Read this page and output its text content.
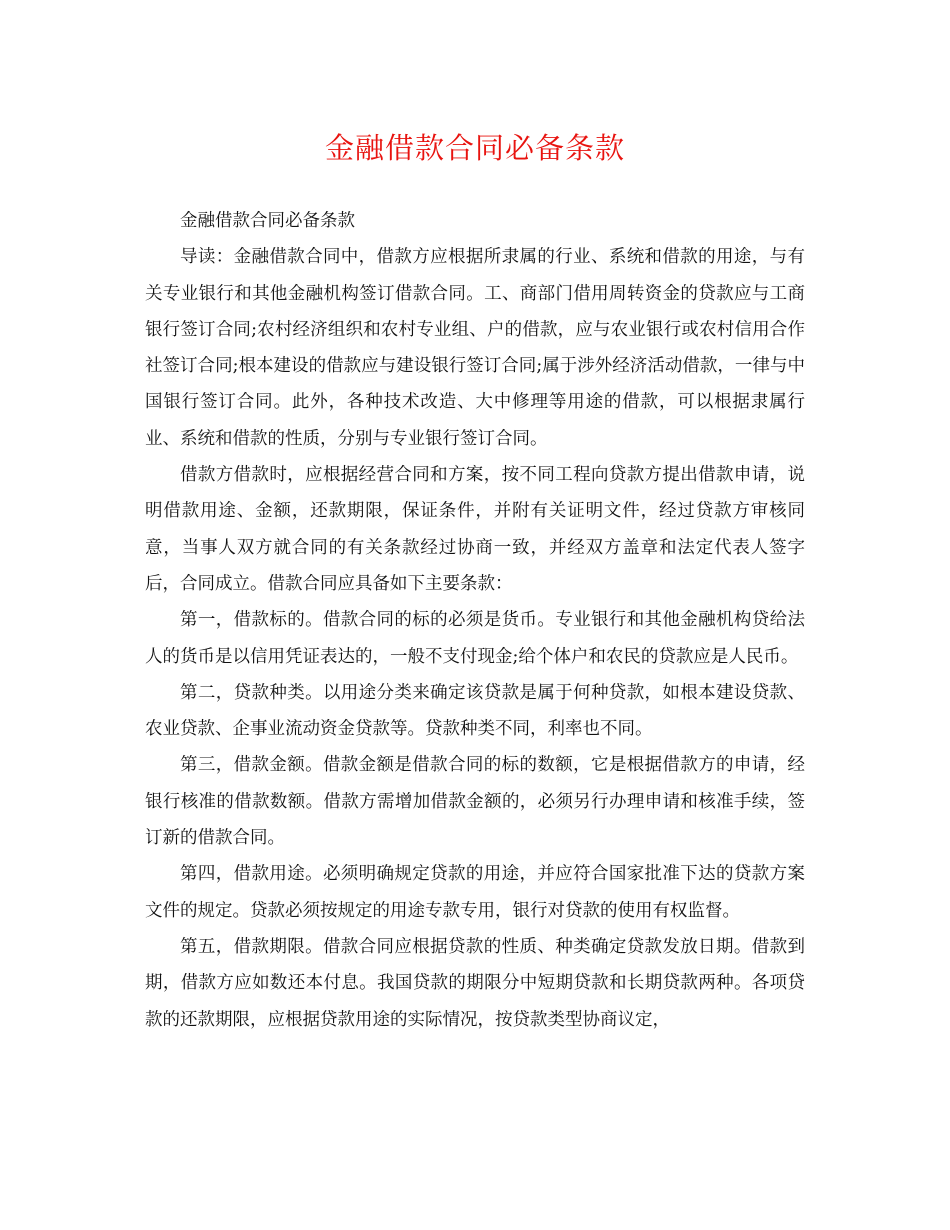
金融借款合同必备条款

金融借款合同必备条款

导读：金融借款合同中，借款方应根据所隶属的行业、系统和借款的用途，与有关专业银行和其他金融机构签订借款合同。工、商部门借用周转资金的贷款应与工商银行签订合同;农村经济组织和农村专业组、户的借款，应与农业银行或农村信用合作社签订合同;根本建设的借款应与建设银行签订合同;属于涉外经济活动借款，一律与中国银行签订合同。此外，各种技术改造、大中修理等用途的借款，可以根据隶属行业、系统和借款的性质，分别与专业银行签订合同。

借款方借款时，应根据经营合同和方案，按不同工程向贷款方提出借款申请，说明借款用途、金额，还款期限，保证条件，并附有关证明文件，经过贷款方审核同意，当事人双方就合同的有关条款经过协商一致，并经双方盖章和法定代表人签字后，合同成立。借款合同应具备如下主要条款：

第一，借款标的。借款合同的标的必须是货币。专业银行和其他金融机构贷给法人的货币是以信用凭证表达的，一般不支付现金;给个体户和农民的贷款应是人民币。

第二，贷款种类。以用途分类来确定该贷款是属于何种贷款，如根本建设贷款、农业贷款、企事业流动资金贷款等。贷款种类不同，利率也不同。

第三，借款金额。借款金额是借款合同的标的数额，它是根据借款方的申请，经银行核准的借款数额。借款方需增加借款金额的，必须另行办理申请和核准手续，签订新的借款合同。

第四，借款用途。必须明确规定贷款的用途，并应符合国家批准下达的贷款方案文件的规定。贷款必须按规定的用途专款专用，银行对贷款的使用有权监督。

第五，借款期限。借款合同应根据贷款的性质、种类确定贷款发放日期。借款到期，借款方应如数还本付息。我国贷款的期限分中短期贷款和长期贷款两种。各项贷款的还款期限，应根据贷款用途的实际情况，按贷款类型协商议定，
